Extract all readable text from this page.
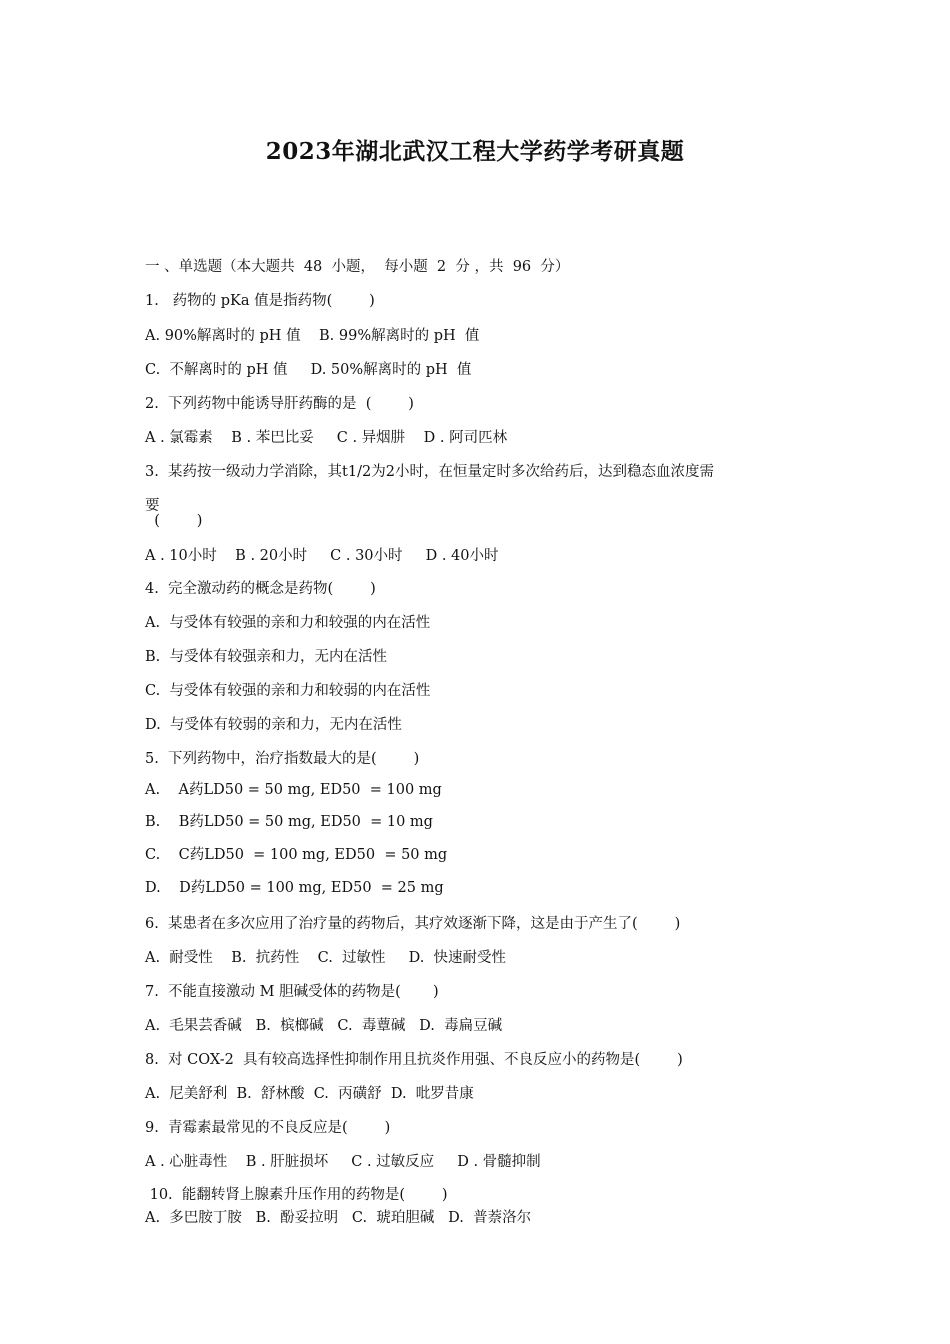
2023年湖北武汉工程大学药学考研真题
一 、单选题（本大题共  48  小题，  每小题  2  分 ，共  96  分）
1.   药物的 pKa 值是指药物(        )
A. 90%解离时的 pH 值    B. 99%解离时的 pH  值
C.  不解离时的 pH 值     D. 50%解离时的 pH  值
2.  下列药物中能诱导肝药酶的是  (        )
A . 氯霉素    B . 苯巴比妥     C . 异烟肼    D . 阿司匹林
3.  某药按一级动力学消除，其t1/2为2小时，在恒量定时多次给药后，达到稳态血浓度需
要
(        )
A . 10小时    B . 20小时     C . 30小时     D . 40小时
4.  完全激动药的概念是药物(        )
A.  与受体有较强的亲和力和较强的内在活性
B.  与受体有较强亲和力，无内在活性
C.  与受体有较强的亲和力和较弱的内在活性
D.  与受体有较弱的亲和力，无内在活性
5.  下列药物中，治疗指数最大的是(        )
A.    A药LD50 = 50 mg, ED50  = 100 mg
B.    B药LD50 = 50 mg, ED50  = 10 mg
C.    C药LD50  = 100 mg, ED50  = 50 mg
D.    D药LD50 = 100 mg, ED50  = 25 mg
6.  某患者在多次应用了治疗量的药物后，其疗效逐渐下降，这是由于产生了(        )
A.  耐受性    B.  抗药性    C.  过敏性     D.  快速耐受性
7.  不能直接激动 M 胆碱受体的药物是(       )
A.  毛果芸香碱   B.  槟榔碱   C.  毒蕈碱   D.  毒扁豆碱
8.  对 COX-2  具有较高选择性抑制作用且抗炎作用强、不良反应小的药物是(        )
A.  尼美舒利  B.  舒林酸  C.  丙磺舒  D.  吡罗昔康
9.  青霉素最常见的不良反应是(        )
A . 心脏毒性    B . 肝脏损坏     C . 过敏反应     D . 骨髓抑制
10.  能翻转肾上腺素升压作用的药物是(        )
A.  多巴胺丁胺   B.  酚妥拉明   C.  琥珀胆碱   D.  普萘洛尔
